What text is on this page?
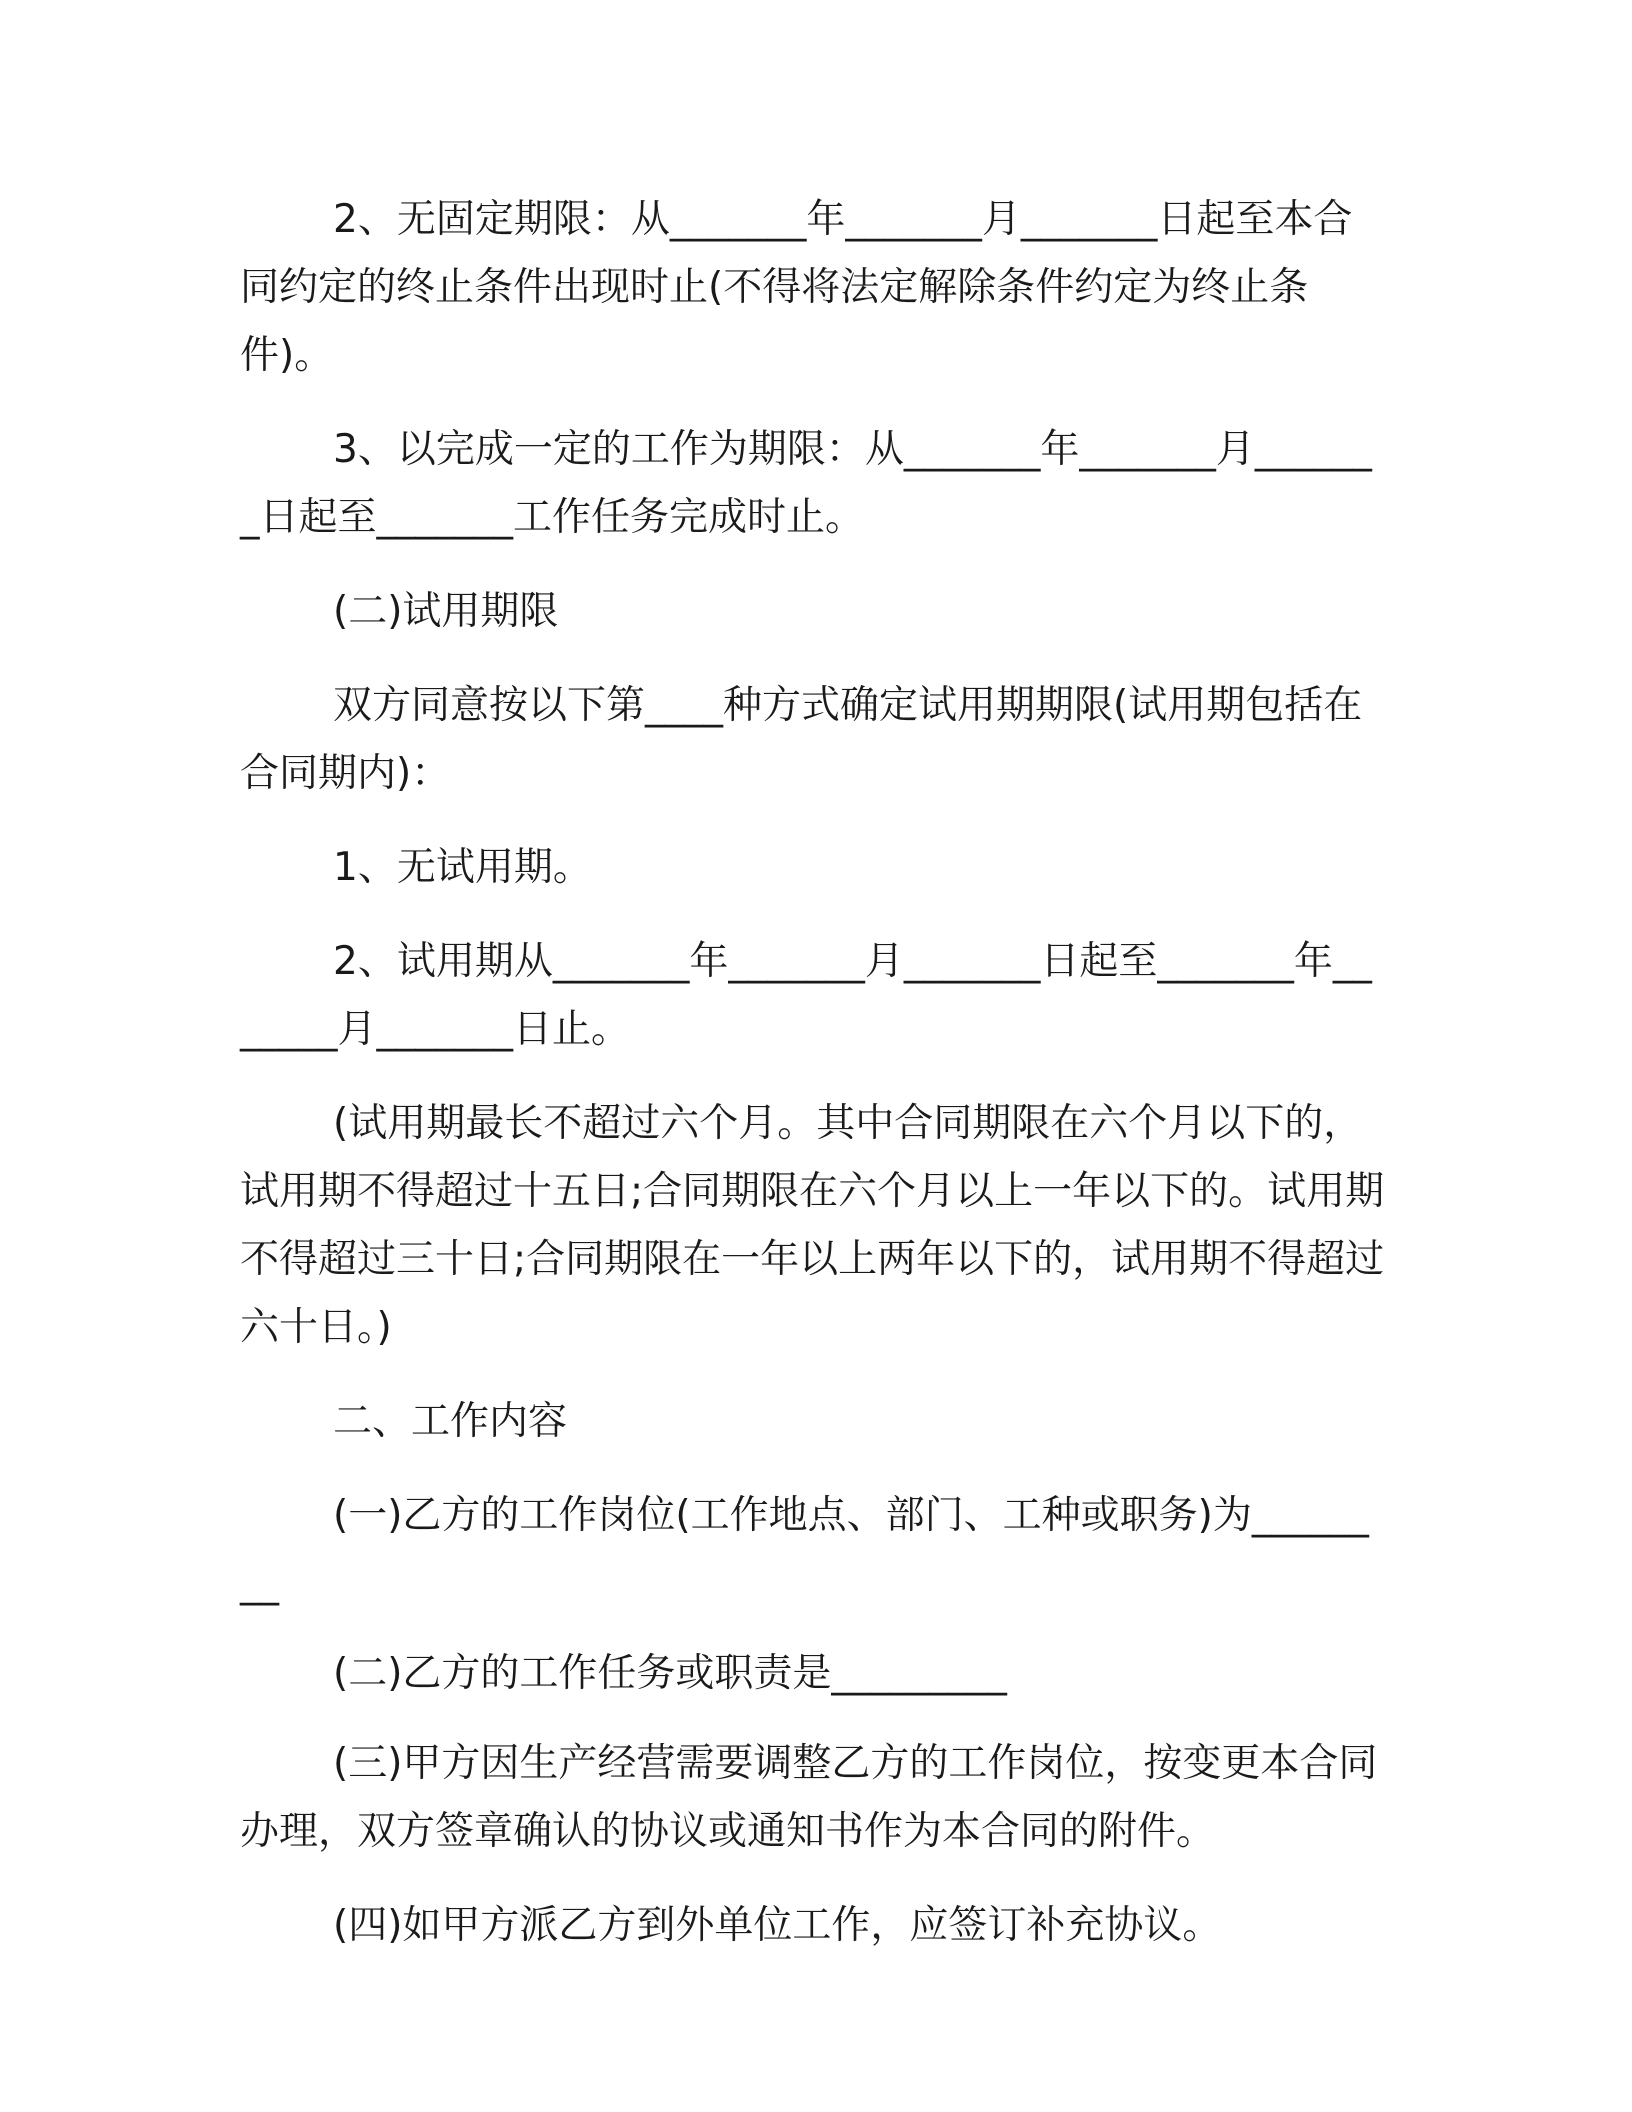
2、无固定期限：从_______年_______月_______日起至本合同约定的终止条件出现时止(不得将法定解除条件约定为终止条件)。

3、以完成一定的工作为期限：从_______年_______月_______日起至_______工作任务完成时止。

(二)试用期限

双方同意按以下第____种方式确定试用期期限(试用期包括在合同期内)：

1、无试用期。

2、试用期从_______年_______月_______日起至_______年_______月_______日止。

(试用期最长不超过六个月。其中合同期限在六个月以下的，试用期不得超过十五日;合同期限在六个月以上一年以下的。试用期不得超过三十日;合同期限在一年以上两年以下的，试用期不得超过六十日。)

二、工作内容

(一)乙方的工作岗位(工作地点、部门、工种或职务)为________

(二)乙方的工作任务或职责是_________

(三)甲方因生产经营需要调整乙方的工作岗位，按变更本合同办理，双方签章确认的协议或通知书作为本合同的附件。

(四)如甲方派乙方到外单位工作，应签订补充协议。
